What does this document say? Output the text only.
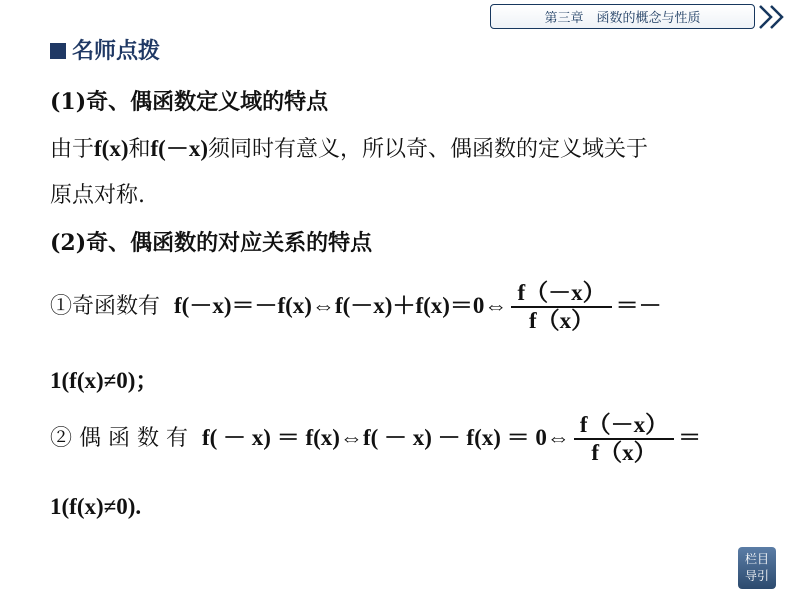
第三章　函数的概念与性质
名师点拨
(1)奇、偶函数定义域的特点
由于f(x)和f(－x)须同时有意义，所以奇、偶函数的定义域关于
原点对称.
(2)奇、偶函数的对应关系的特点
①奇函数有 f(－x)＝－f(x)⇔f(－x)＋f(x)＝0⇔ $\frac{f(-x)}{f(x)}$ ＝－
1(f(x)≠0)；
② 偶 函 数 有 f( － x) ＝ f(x)⇔f( － x) － f(x) ＝ 0⇔ $\frac{f(-x)}{f(x)}$ ＝
1(f(x)≠0).
栏目
导引
